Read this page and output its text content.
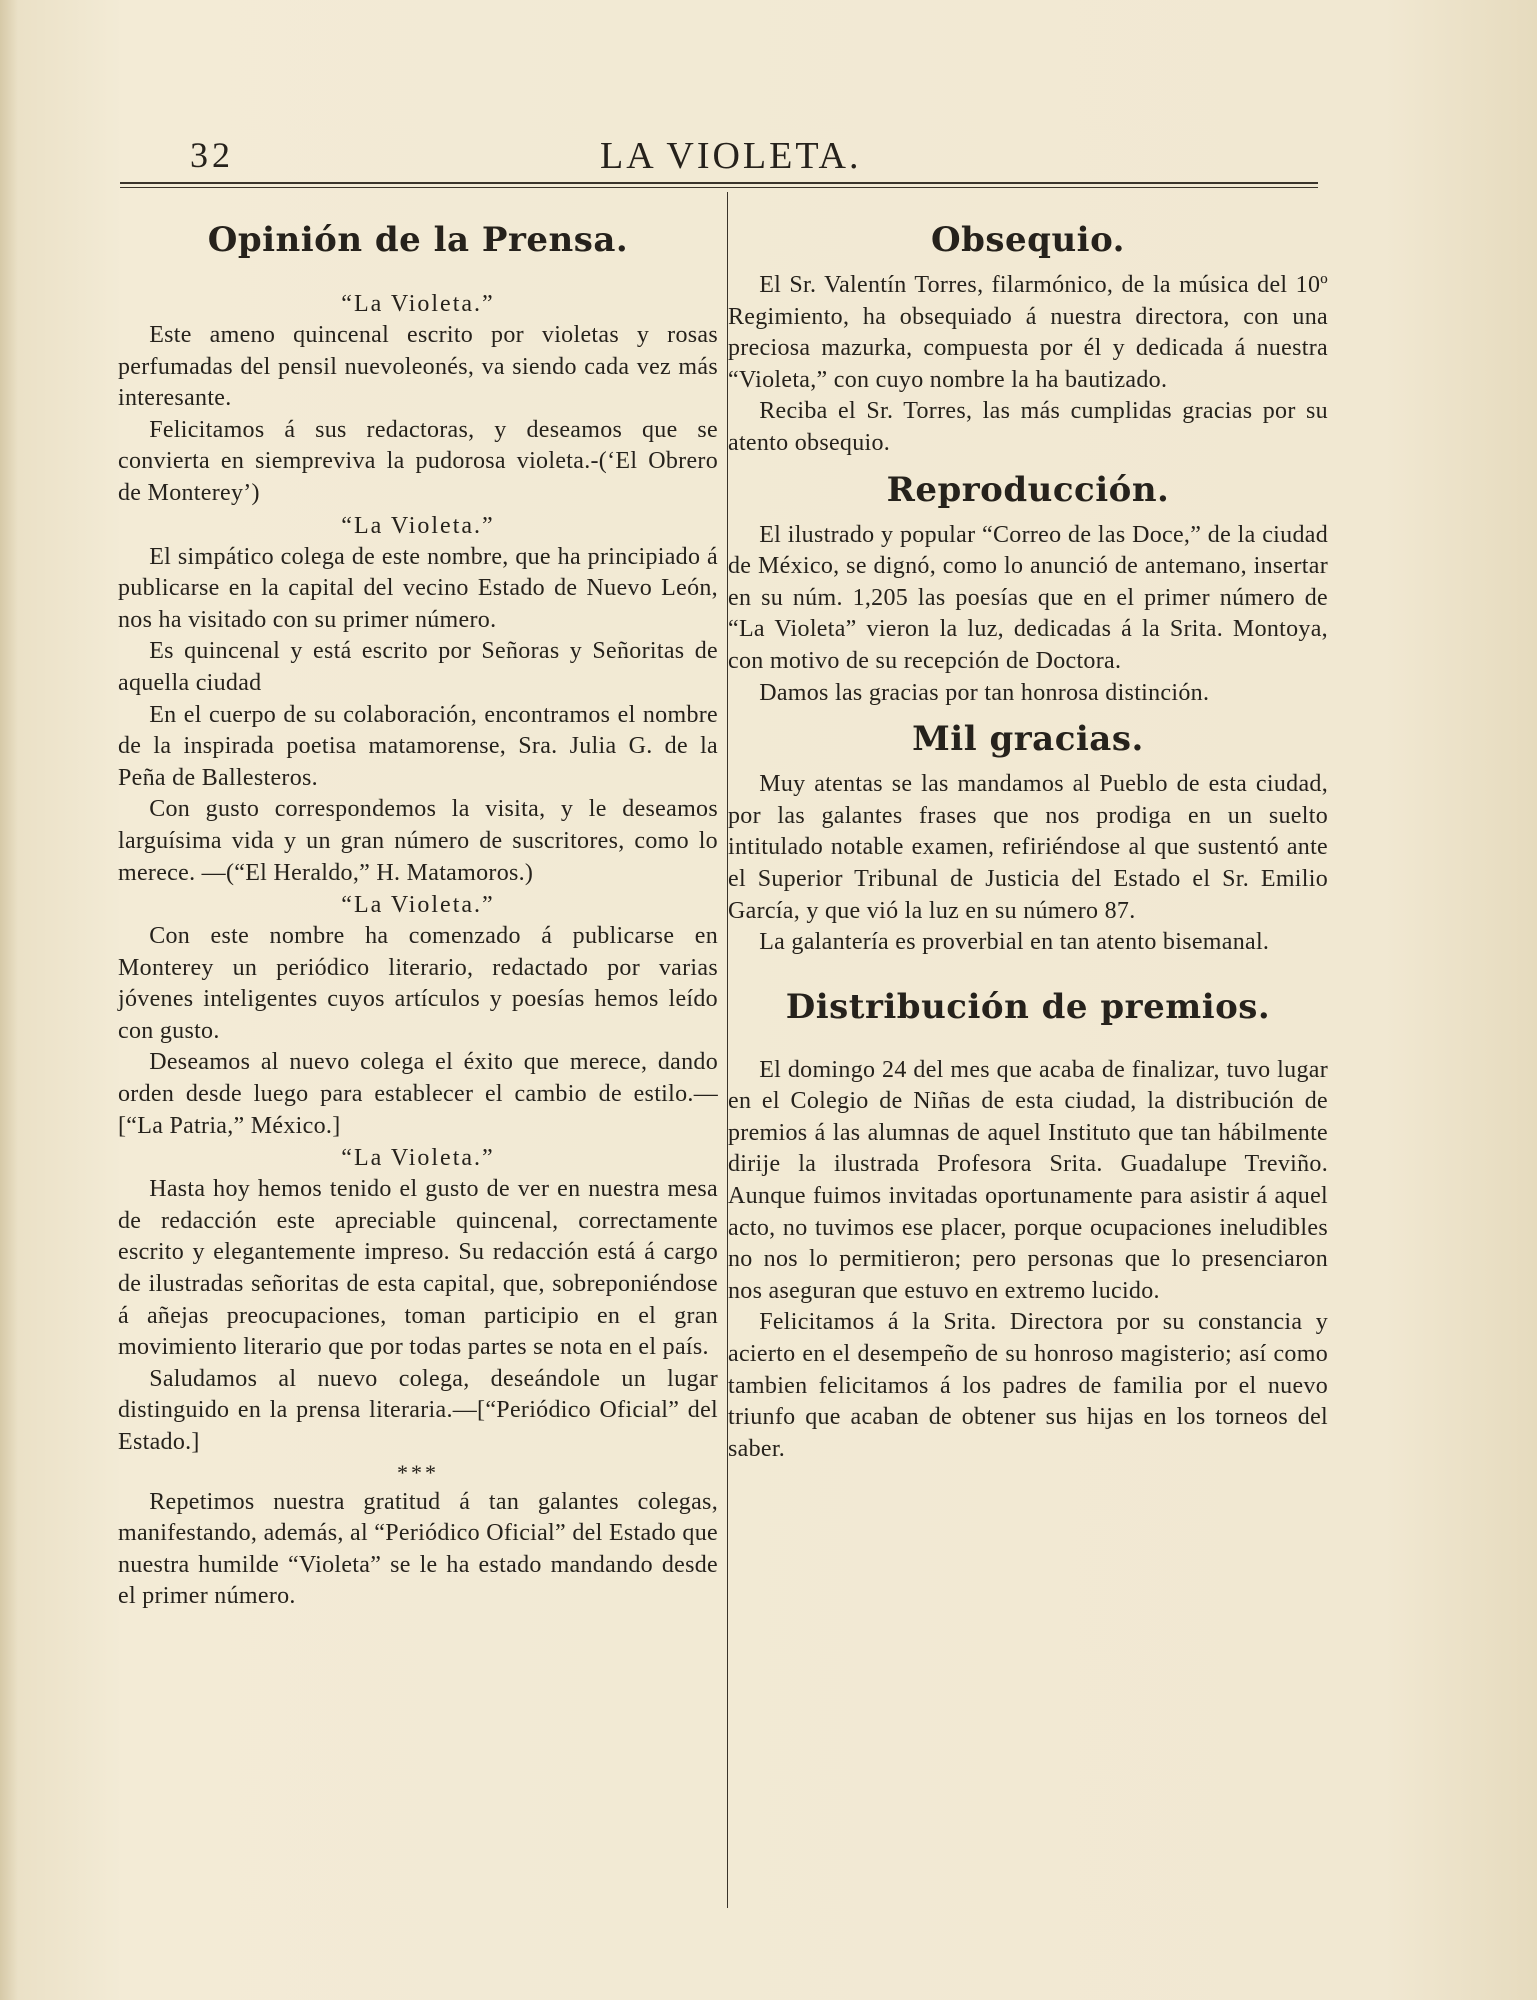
32	LA VIOLETA.
Opinión de la Prensa.
“La Violeta.”

Este ameno quincenal escrito por violetas y rosas perfumadas del pensil nuevoleonés, va siendo cada vez más interesante.

Felicitamos á sus redactoras, y deseamos que se convierta en siempreviva la pudorosa violeta.-(‘El Obrero de Monterey’)

“La Violeta.”

El simpático colega de este nombre, que ha principiado á publicarse en la capital del vecino Estado de Nuevo León, nos ha visitado con su primer número.

Es quincenal y está escrito por Señoras y Señoritas de aquella ciudad

En el cuerpo de su colaboración, encontramos el nombre de la inspirada poetisa matamorense, Sra. Julia G. de la Peña de Ballesteros.

Con gusto correspondemos la visita, y le deseamos larguísima vida y un gran número de suscritores, como lo merece. —(“El Heraldo,” H. Matamoros.)

“La Violeta.”

Con este nombre ha comenzado á publicarse en Monterey un periódico literario, redactado por varias jóvenes inteligentes cuyos artículos y poesías hemos leído con gusto.

Deseamos al nuevo colega el éxito que merece, dando orden desde luego para establecer el cambio de estilo.—[“La Patria,” México.]

“La Violeta.”

Hasta hoy hemos tenido el gusto de ver en nuestra mesa de redacción este apreciable quincenal, correctamente escrito y elegantemente impreso. Su redacción está á cargo de ilustradas señoritas de esta capital, que, sobreponiéndose á añejas preocupaciones, toman participio en el gran movimiento literario que por todas partes se nota en el país.

Saludamos al nuevo colega, deseándole un lugar distinguido en la prensa literaria.—[“Periódico Oficial” del Estado.]

***

Repetimos nuestra gratitud á tan galantes colegas, manifestando, además, al “Periódico Oficial” del Estado que nuestra humilde “Violeta” se le ha estado mandando desde el primer número.

Obsequio.

El Sr. Valentín Torres, filarmónico, de la música del 10º Regimiento, ha obsequiado á nuestra directora, con una preciosa mazurka, compuesta por él y dedicada á nuestra “Violeta,” con cuyo nombre la ha bautizado.

Reciba el Sr. Torres, las más cumplidas gracias por su atento obsequio.

Reproducción.

El ilustrado y popular “Correo de las Doce,” de la ciudad de México, se dignó, como lo anunció de antemano, insertar en su núm. 1,205 las poesías que en el primer número de “La Violeta” vieron la luz, dedicadas á la Srita. Montoya, con motivo de su recepción de Doctora.

Damos las gracias por tan honrosa distinción.

Mil gracias.

Muy atentas se las mandamos al Pueblo de esta ciudad, por las galantes frases que nos prodiga en un suelto intitulado notable examen, refiriéndose al que sustentó ante el Superior Tribunal de Justicia del Estado el Sr. Emilio García, y que vió la luz en su número 87.

La galantería es proverbial en tan atento bisemanal.

Distribución de premios.

El domingo 24 del mes que acaba de finalizar, tuvo lugar en el Colegio de Niñas de esta ciudad, la distribución de premios á las alumnas de aquel Instituto que tan hábilmente dirije la ilustrada Profesora Srita. Guadalupe Treviño. Aunque fuimos invitadas oportunamente para asistir á aquel acto, no tuvimos ese placer, porque ocupaciones ineludibles no nos lo permitieron; pero personas que lo presenciaron nos aseguran que estuvo en extremo lucido.

Felicitamos á la Srita. Directora por su constancia y acierto en el desempeño de su honroso magisterio; así como tambien felicitamos á los padres de familia por el nuevo triunfo que acaban de obtener sus hijas en los torneos del saber.
